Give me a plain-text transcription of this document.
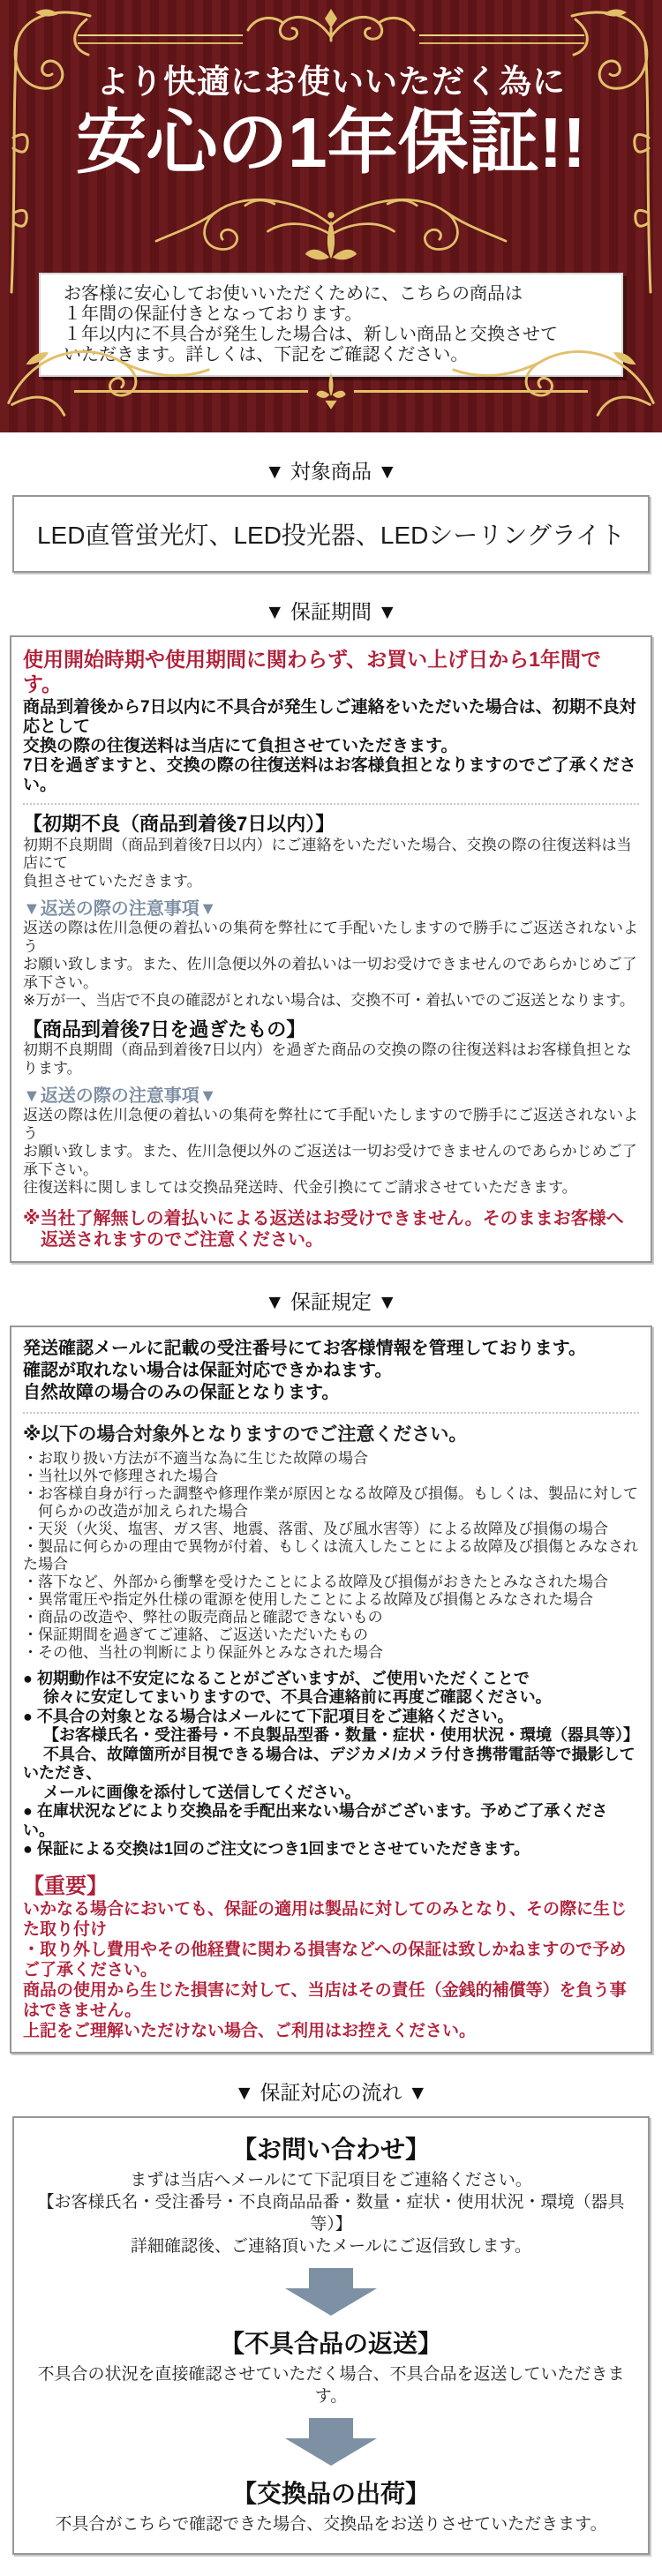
より快適にお使いいただく為に
安心の1年保証!!
お客様に安心してお使いいただくために、こちらの商品は
１年間の保証付きとなっております。
１年以内に不具合が発生した場合は、新しい商品と交換させて
いただきます。詳しくは、下記をご確認ください。
▼ 対象商品 ▼
LED直管蛍光灯、LED投光器、LEDシーリングライト
▼ 保証期間 ▼
使用開始時期や使用期間に関わらず、お買い上げ日から1年間です。
商品到着後から7日以内に不具合が発生しご連絡をいただいた場合は、初期不良対応として
交換の際の往復送料は当店にて負担させていただきます。
7日を過ぎますと、交換の際の往復送料はお客様負担となりますのでご了承ください。
【初期不良（商品到着後7日以内）】
初期不良期間（商品到着後7日以内）にご連絡をいただいた場合、交換の際の往復送料は当店にて
負担させていただきます。
▼返送の際の注意事項▼
返送の際は佐川急便の着払いの集荷を弊社にて手配いたしますので勝手にご返送されないよう
お願い致します。また、佐川急便以外の着払いは一切お受けできませんのであらかじめご了承下さい。
※万が一、当店で不良の確認がとれない場合は、交換不可・着払いでのご返送となります。
【商品到着後7日を過ぎたもの】
初期不良期間（商品到着後7日以内）を過ぎた商品の交換の際の往復送料はお客様負担となります。
▼返送の際の注意事項▼
返送の際は佐川急便の着払いの集荷を弊社にて手配いたしますので勝手にご返送されないよう
お願い致します。また、佐川急便以外のご返送は一切お受けできませんのであらかじめご了承下さい。
往復送料に関しましては交換品発送時、代金引換にてご請求させていただきます。
※当社了解無しの着払いによる返送はお受けできません。そのままお客様へ
　返送されますのでご注意ください。
▼ 保証規定 ▼
発送確認メールに記載の受注番号にてお客様情報を管理しております。
確認が取れない場合は保証対応できかねます。
自然故障の場合のみの保証となります。
※以下の場合対象外となりますのでご注意ください。
・お取り扱い方法が不適当な為に生じた故障の場合
・当社以外で修理された場合
・お客様自身が行った調整や修理作業が原因となる故障及び損傷。もしくは、製品に対して
　何らかの改造が加えられた場合
・天災（火災、塩害、ガス害、地震、落雷、及び風水害等）による故障及び損傷の場合
・製品に何らかの理由で異物が付着、もしくは流入したことによる故障及び損傷とみなされた場合
・落下など、外部から衝撃を受けたことによる故障及び損傷がおきたとみなされた場合
・異常電圧や指定外仕様の電源を使用したことによる故障及び損傷とみなされた場合
・商品の改造や、弊社の販売商品と確認できないもの
・保証期間を過ぎてご連絡、ご返送いただいたもの
・その他、当社の判断により保証外とみなされた場合
● 初期動作は不安定になることがございますが、ご使用いただくことで
　 徐々に安定してまいりますので、不具合連絡前に再度ご確認ください。
● 不具合の対象となる場合はメールにて下記項目をご連絡ください。
　 【お客様氏名・受注番号・不良製品型番・数量・症状・使用状況・環境（器具等）】
　 不具合、故障箇所が目視できる場合は、デジカメ/カメラ付き携帯電話等で撮影していただき、
　 メールに画像を添付して送信してください。
● 在庫状況などにより交換品を手配出来ない場合がございます。予めご了承ください。
● 保証による交換は1回のご注文につき1回までとさせていただきます。
【重要】
いかなる場合においても、保証の適用は製品に対してのみとなり、その際に生じた取り付け
・取り外し費用やその他経費に関わる損害などへの保証は致しかねますので予めご了承ください。
商品の使用から生じた損害に対して、当店はその責任（金銭的補償等）を負う事はできません。
上記をご理解いただけない場合、ご利用はお控えください。
▼ 保証対応の流れ ▼
【お問い合わせ】
まずは当店へメールにて下記項目をご連絡ください。
【お客様氏名・受注番号・不良商品品番・数量・症状・使用状況・環境（器具等）】
詳細確認後、ご連絡頂いたメールにご返信致します。
【不具合品の返送】
不具合の状況を直接確認させていただく場合、不具合品を返送していただきます。
【交換品の出荷】
不具合がこちらで確認できた場合、交換品をお送りさせていただきます。
